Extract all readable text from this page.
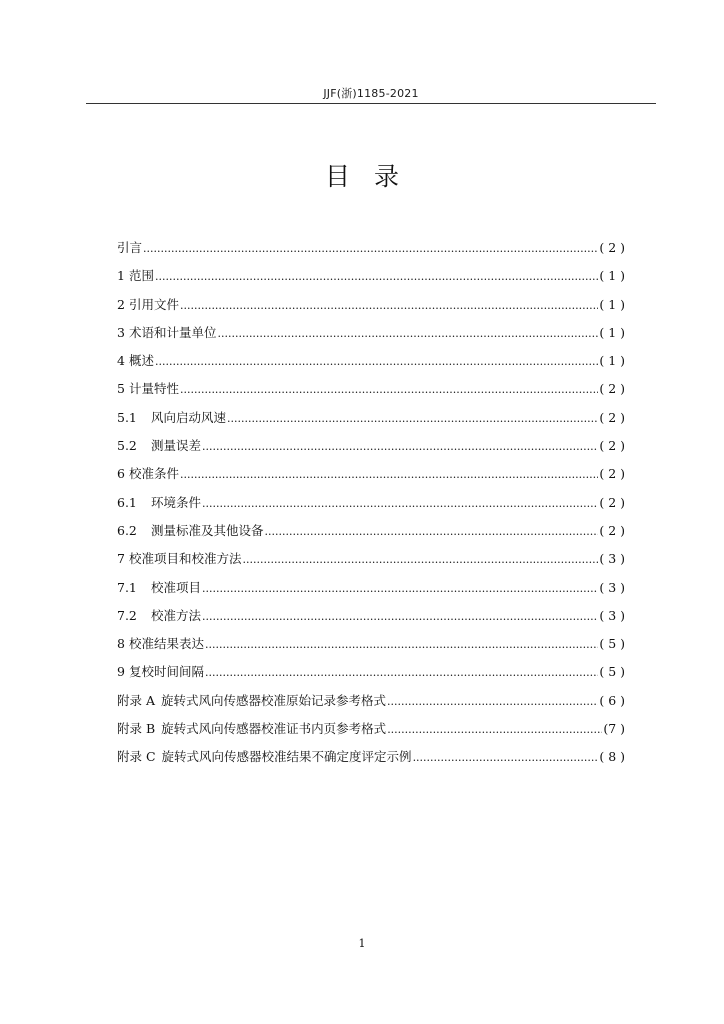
JJF(浙)1185-2021
目 录
引言 .....	( 2 )
1 范围 .....	( 1 )
2 引用文件 .....	( 1 )
3 术语和计量单位 .....	( 1 )
4 概述 .....	( 1 )
5 计量特性 .....	( 2 )
5.1	风向启动风速 .....	( 2 )
5.2	测量误差 .....	( 2 )
6 校准条件 .....	( 2 )
6.1	环境条件 .....	( 2 )
6.2	测量标准及其他设备 .....	( 2 )
7 校准项目和校准方法 .....	( 3 )
7.1	校准项目 .....	( 3 )
7.2	校准方法 .....	( 3 )
8 校准结果表达 .....	( 5 )
9 复校时间间隔 .....	( 5 )
附录 A 旋转式风向传感器校准原始记录参考格式 .....	( 6 )
附录 B 旋转式风向传感器校准证书内页参考格式 .....	(7 )
附录 C 旋转式风向传感器校准结果不确定度评定示例 .....	( 8 )
1
